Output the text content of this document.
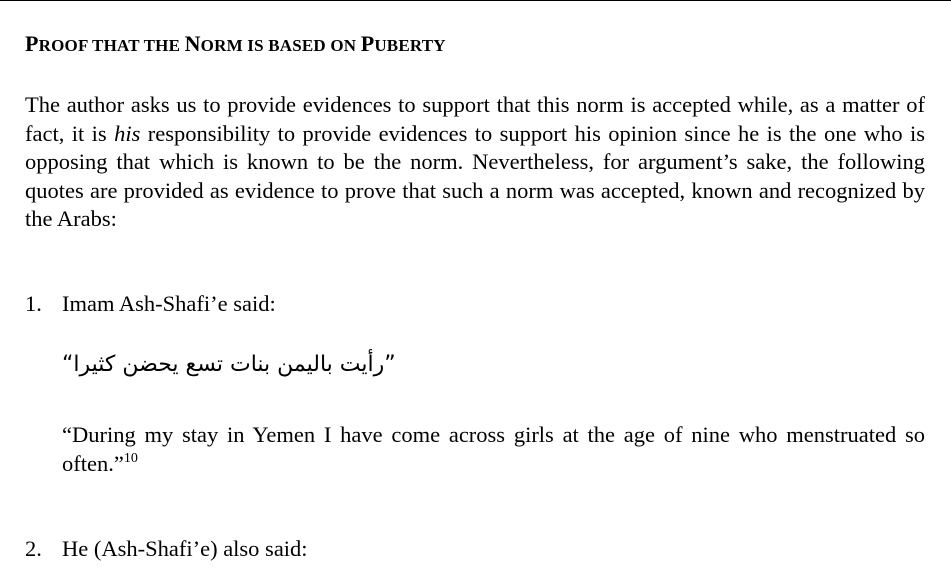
PROOF THAT THE NORM IS BASED ON PUBERTY

The author asks us to provide evidences to support that this norm is accepted while, as a matter of fact, it is his responsibility to provide evidences to support his opinion since he is the one who is opposing that which is known to be the norm. Nevertheless, for argument’s sake, the following quotes are provided as evidence to prove that such a norm was accepted, known and recognized by the Arabs:

1. Imam Ash-Shafi’e said:
”رأيت باليمن بنات تسع يحضن كثيرا“

“During my stay in Yemen I have come across girls at the age of nine who menstruated so often.”$^{10}$

2. He (Ash-Shafi’e) also said:
